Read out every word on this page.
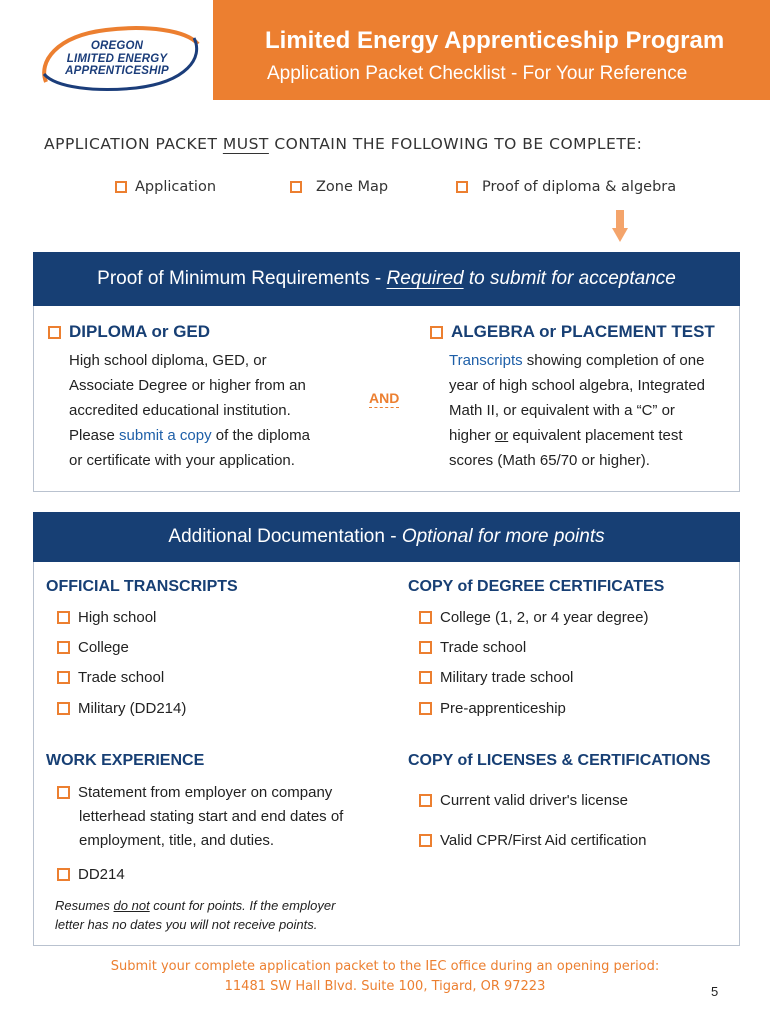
OREGON
LIMITED ENERGY
APPRENTICESHIP
Limited Energy Apprenticeship Program
Application Packet Checklist - For Your Reference
APPLICATION PACKET MUST CONTAIN THE FOLLOWING TO BE COMPLETE:
Application	Zone Map	Proof of diploma & algebra
Proof of Minimum Requirements - Required to submit for acceptance
DIPLOMA or GED
High school diploma, GED, or
Associate Degree or higher from an
accredited educational institution.
Please submit a copy of the diploma
or certificate with your application.
AND
ALGEBRA or PLACEMENT TEST
Transcripts showing completion of one
year of high school algebra, Integrated
Math II, or equivalent with a “C” or
higher or equivalent placement test
scores (Math 65/70 or higher).
Additional Documentation - Optional for more points
OFFICIAL TRANSCRIPTS
High school
College
Trade school
Military (DD214)
COPY of DEGREE CERTIFICATES
College (1, 2, or 4 year degree)
Trade school
Military trade school
Pre-apprenticeship
WORK EXPERIENCE
Statement from employer on company
letterhead stating start and end dates of
employment, title, and duties.
DD214
Resumes do not count for points. If the employer
letter has no dates you will not receive points.
COPY of LICENSES & CERTIFICATIONS
Current valid driver's license
Valid CPR/First Aid certification
Submit your complete application packet to the IEC office during an opening period:
11481 SW Hall Blvd. Suite 100, Tigard, OR 97223	5
